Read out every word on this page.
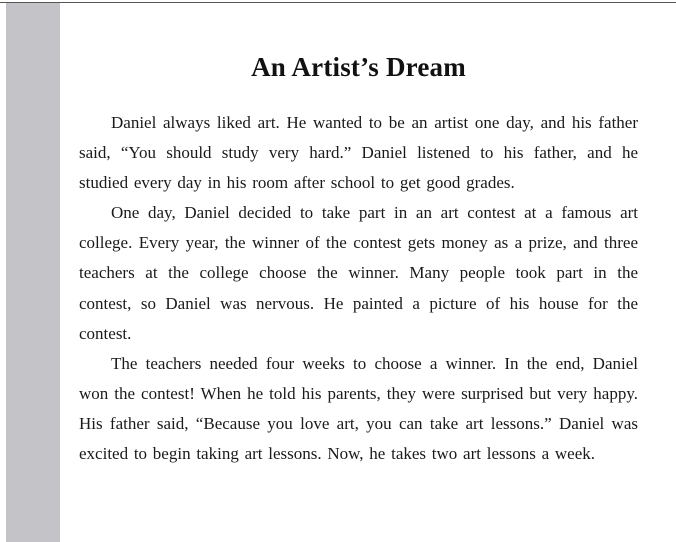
An Artist’s Dream

Daniel always liked art. He wanted to be an artist one day, and his father said, “You should study very hard.” Daniel listened to his father, and he studied every day in his room after school to get good grades.

One day, Daniel decided to take part in an art contest at a famous art college. Every year, the winner of the contest gets money as a prize, and three teachers at the college choose the winner. Many people took part in the contest, so Daniel was nervous. He painted a picture of his house for the contest.

The teachers needed four weeks to choose a winner. In the end, Daniel won the contest! When he told his parents, they were surprised but very happy. His father said, “Because you love art, you can take art lessons.” Daniel was excited to begin taking art lessons. Now, he takes two art lessons a week.
